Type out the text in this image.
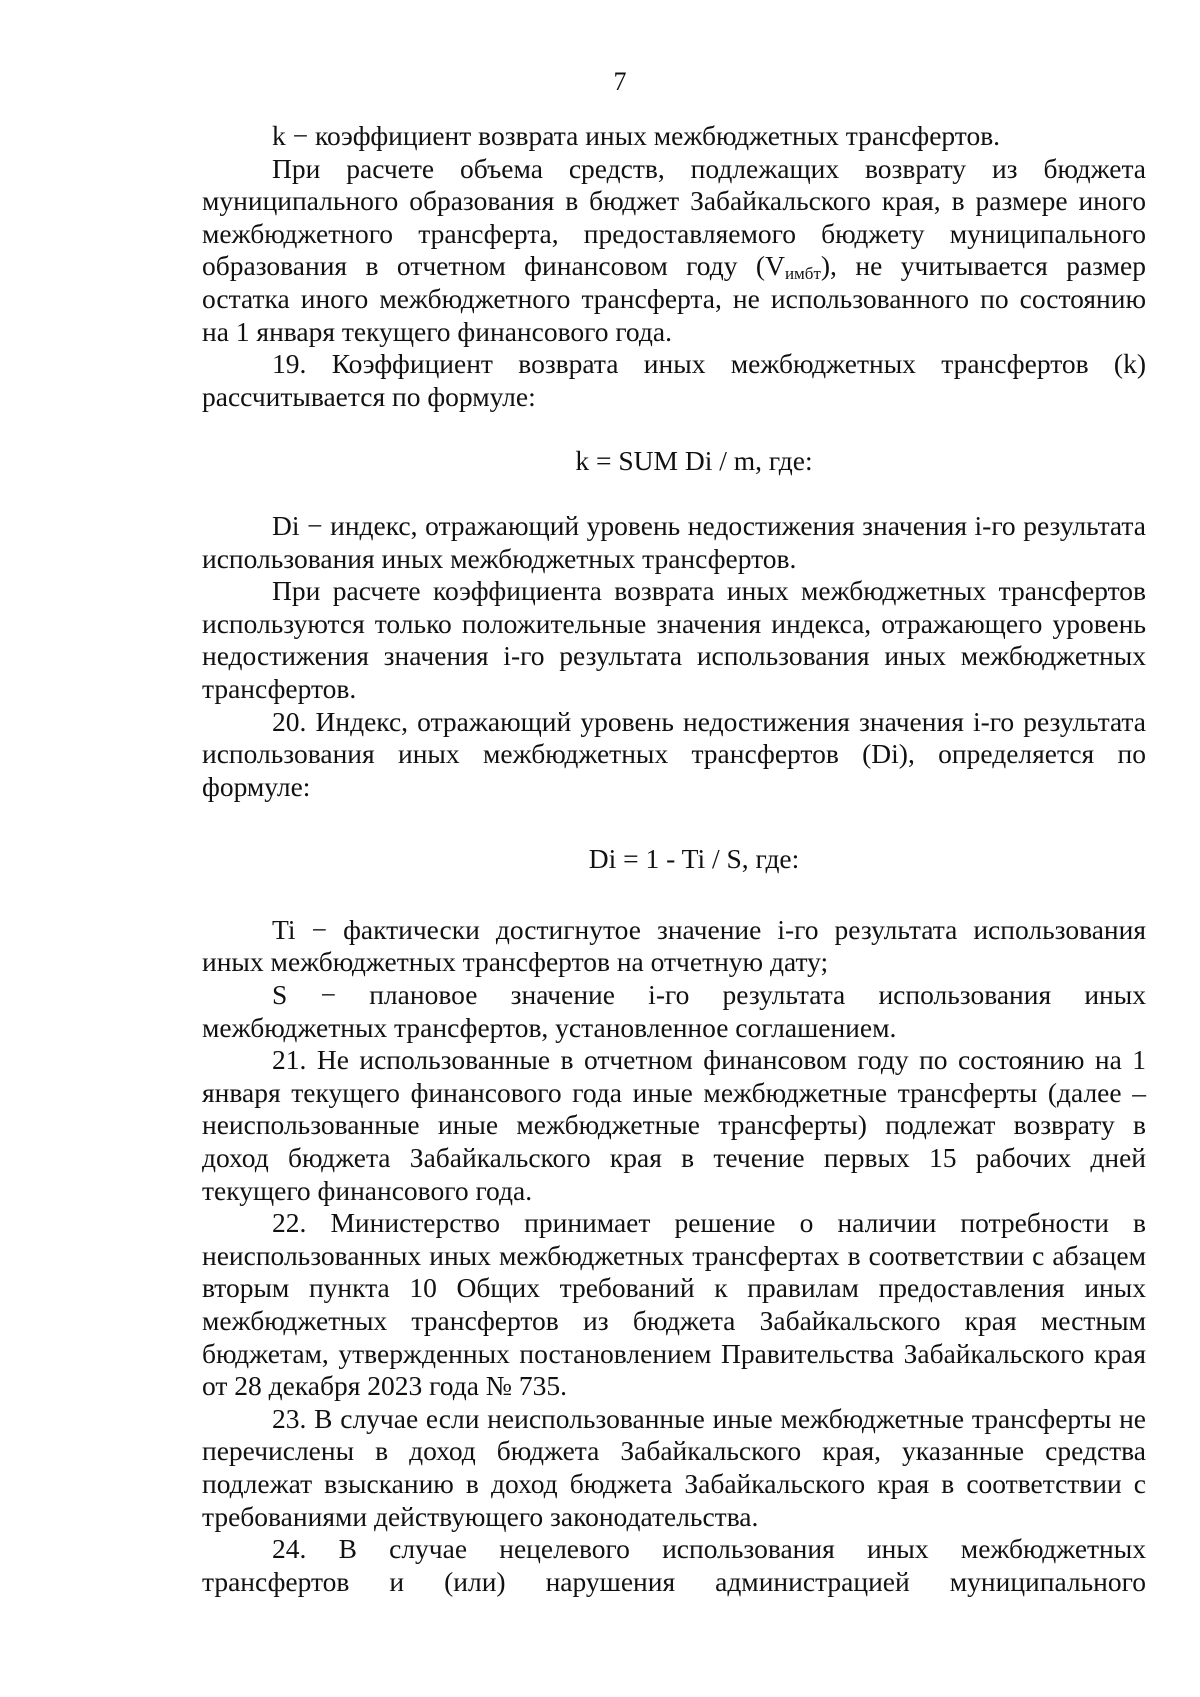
7

k − коэффициент возврата иных межбюджетных трансфертов.

При расчете объема средств, подлежащих возврату из бюджета муниципального образования в бюджет Забайкальского края, в размере иного межбюджетного трансферта, предоставляемого бюджету муниципального образования в отчетном финансовом году $(V_{имбт})$, не учитывается размер остатка иного межбюджетного трансферта, не использованного по состоянию на 1 января текущего финансового года.

19. Коэффициент возврата иных межбюджетных трансфертов (k) рассчитывается по формуле:

k = SUM Di / m, где:

Di − индекс, отражающий уровень недостижения значения i-го результата использования иных межбюджетных трансфертов.

При расчете коэффициента возврата иных межбюджетных трансфертов используются только положительные значения индекса, отражающего уровень недостижения значения i-го результата использования иных межбюджетных трансфертов.

20. Индекс, отражающий уровень недостижения значения i-го результата использования иных межбюджетных трансфертов (Di), определяется по формуле:

Di = 1 - Ti / S, где:

Ti − фактически достигнутое значение i-го результата использования иных межбюджетных трансфертов на отчетную дату;

S − плановое значение i-го результата использования иных межбюджетных трансфертов, установленное соглашением.

21. Не использованные в отчетном финансовом году по состоянию на 1 января текущего финансового года иные межбюджетные трансферты (далее – неиспользованные иные межбюджетные трансферты) подлежат возврату в доход бюджета Забайкальского края в течение первых 15 рабочих дней текущего финансового года.

22. Министерство принимает решение о наличии потребности в неиспользованных иных межбюджетных трансфертах в соответствии с абзацем вторым пункта 10 Общих требований к правилам предоставления иных межбюджетных трансфертов из бюджета Забайкальского края местным бюджетам, утвержденных постановлением Правительства Забайкальского края от 28 декабря 2023 года № 735.

23. В случае если неиспользованные иные межбюджетные трансферты не перечислены в доход бюджета Забайкальского края, указанные средства подлежат взысканию в доход бюджета Забайкальского края в соответствии с требованиями действующего законодательства.

24. В случае нецелевого использования иных межбюджетных трансфертов и (или) нарушения администрацией муниципального
